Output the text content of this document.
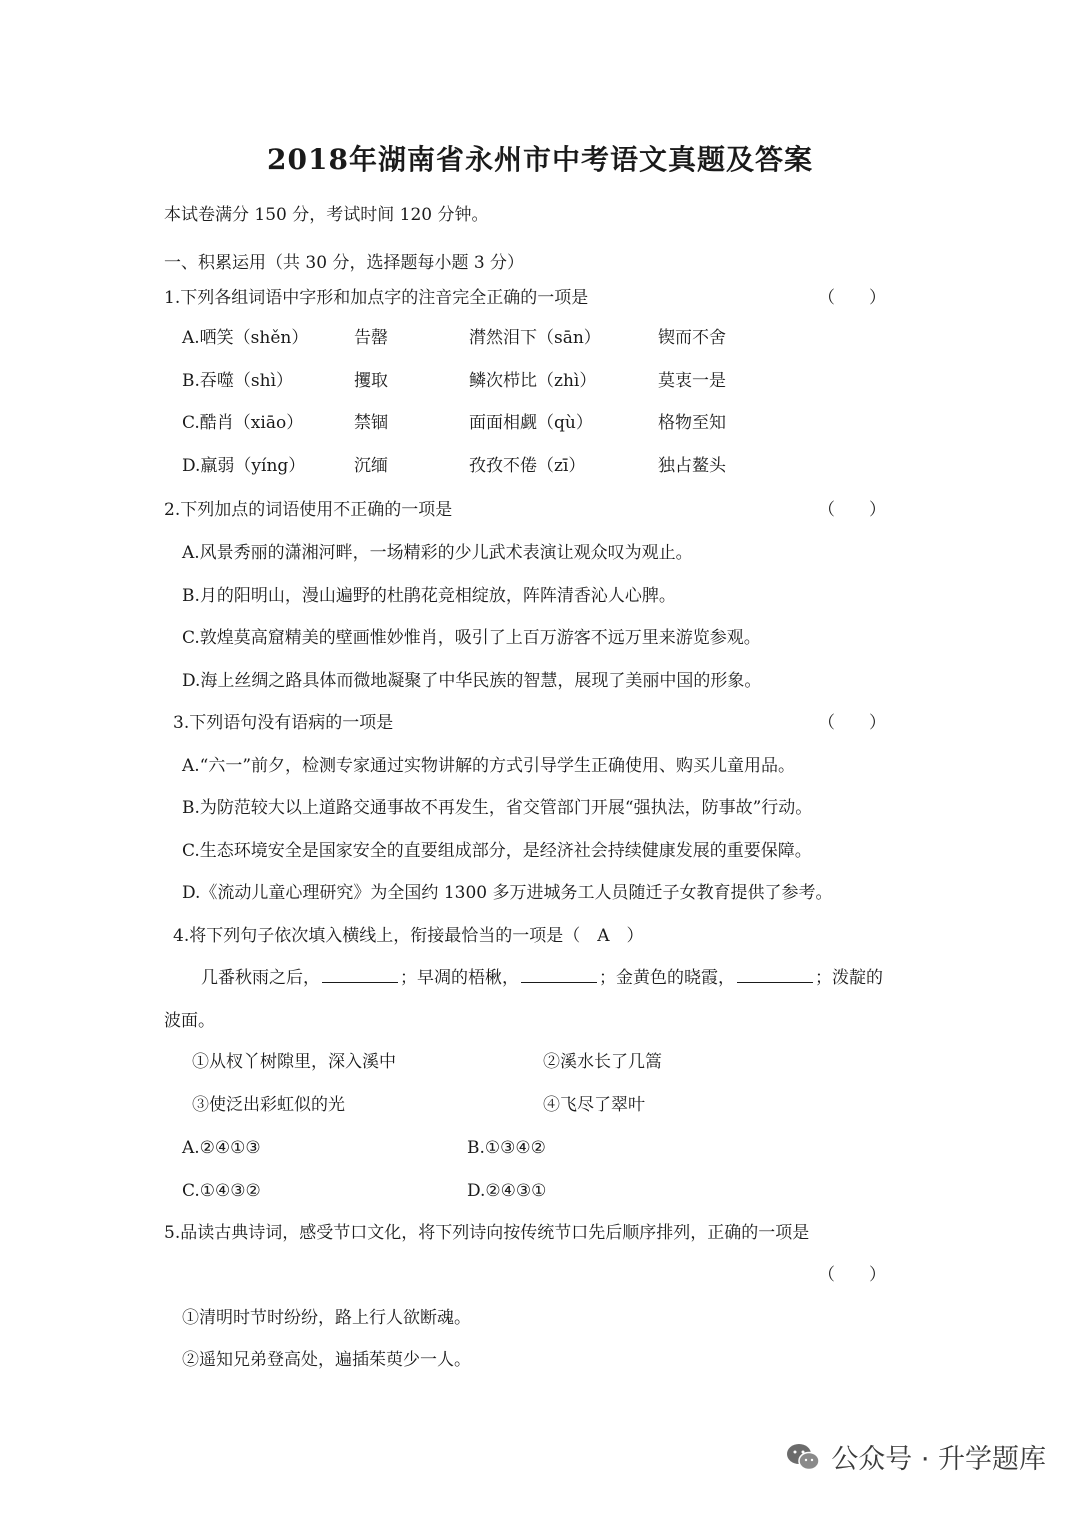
2018年湖南省永州市中考语文真题及答案
本试卷满分 150 分，考试时间 120 分钟。
一、积累运用（共 30 分，选择题每小题 3 分）
1.下列各组词语中字形和加点字的注音完全正确的一项是	（　　）
A.哂笑（shěn）	告罄	潸然泪下（sān）	锲而不舍
B.吞噬（shì）	攫取	鳞次栉比（zhì）	莫衷一是
C.酷肖（xiāo）	禁锢	面面相觑（qù）	格物至知
D.羸弱（yíng）	沉缅	孜孜不倦（zī）	独占鳌头
2.下列加点的词语使用不正确的一项是	（　　）
A.风景秀丽的潇湘河畔，一场精彩的少儿武术表演让观众叹为观止。
B.月的阳明山，漫山遍野的杜鹃花竞相绽放，阵阵清香沁人心脾。
C.敦煌莫高窟精美的壁画惟妙惟肖，吸引了上百万游客不远万里来游览参观。
D.海上丝绸之路具体而微地凝聚了中华民族的智慧，展现了美丽中国的形象。
3.下列语句没有语病的一项是	（　　）
A.“六一”前夕，检测专家通过实物讲解的方式引导学生正确使用、购买儿童用品。
B.为防范较大以上道路交通事故不再发生，省交管部门开展“强执法，防事故”行动。
C.生态环境安全是国家安全的直要组成部分，是经济社会持续健康发展的重要保障。
D.《流动儿童心理研究》为全国约 1300 多万进城务工人员随迁子女教育提供了参考。
4.将下列句子依次填入横线上，衔接最恰当的一项是（　A　）
几番秋雨之后，	；早凋的梧楸，	；金黄色的晓霞，	；泼靛的
波面。
①从杈丫树隙里，深入溪中	②溪水长了几篙
③使泛出彩虹似的光	④飞尽了翠叶
A.②④①③	B.①③④②
C.①④③②	D.②④③①
5.品读古典诗词，感受节口文化，将下列诗向按传统节口先后顺序排列，正确的一项是
（　　）
①清明时节时纷纷，路上行人欲断魂。
②遥知兄弟登高处，遍插茱萸少一人。
公众号 · 升学题库
